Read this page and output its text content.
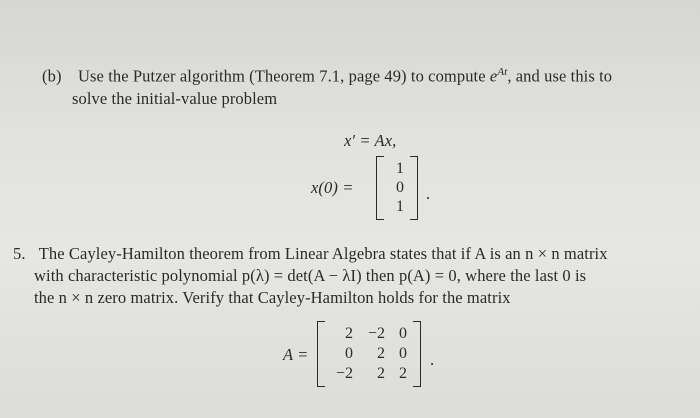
(b) Use the Putzer algorithm (Theorem 7.1, page 49) to compute $e^{At}$, and use this to
solve the initial-value problem
x′ = Ax,
x(0) =
1
0
1
.
5. The Cayley-Hamilton theorem from Linear Algebra states that if A is an n × n matrix
with characteristic polynomial p(λ) = det(A − λI) then p(A) = 0, where the last 0 is
the n × n zero matrix. Verify that Cayley-Hamilton holds for the matrix
A =
2 −2 0
0	2 0
−2	2 2
.
